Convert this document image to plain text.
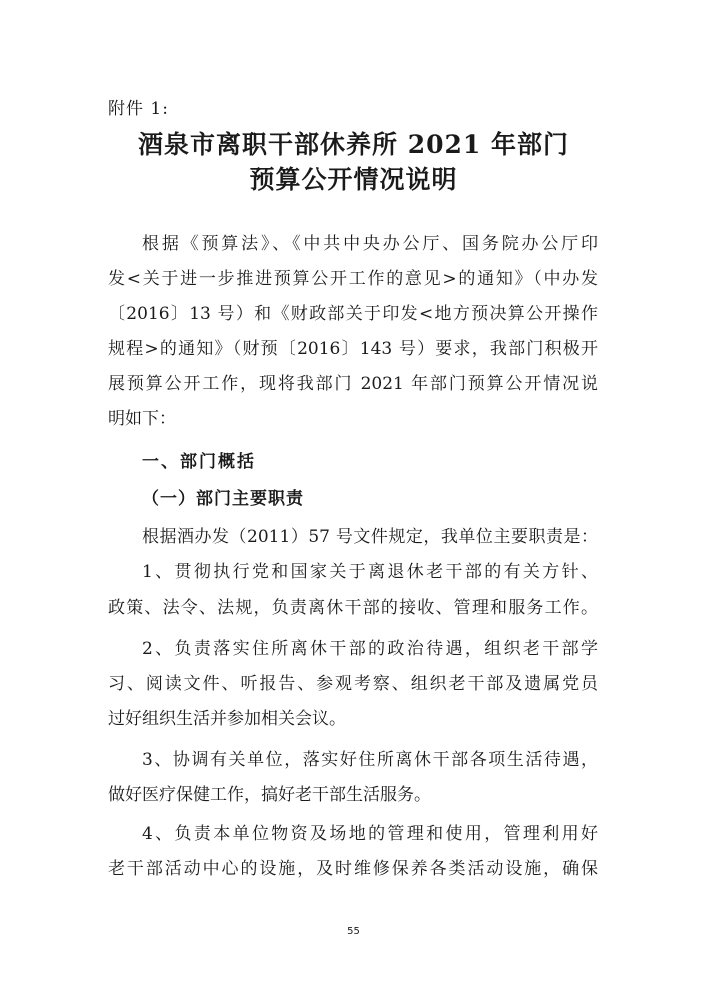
附件 1:
酒泉市离职干部休养所 2021 年部门
预算公开情况说明
根据《预算法》、《中共中央办公厅、国务院办公厅印
发<关于进一步推进预算公开工作的意见>的通知》（中办发
〔2016〕13 号）和《财政部关于印发<地方预决算公开操作
规程>的通知》（财预〔2016〕143 号）要求，我部门积极开
展预算公开工作，现将我部门 2021 年部门预算公开情况说
明如下：
一、部门概括
（一）部门主要职责
根据酒办发（2011）57 号文件规定，我单位主要职责是：
1、贯彻执行党和国家关于离退休老干部的有关方针、
政策、法令、法规，负责离休干部的接收、管理和服务工作。
2、负责落实住所离休干部的政治待遇，组织老干部学
习、阅读文件、听报告、参观考察、组织老干部及遗属党员
过好组织生活并参加相关会议。
3、协调有关单位，落实好住所离休干部各项生活待遇，
做好医疗保健工作，搞好老干部生活服务。
4、负责本单位物资及场地的管理和使用，管理利用好
老干部活动中心的设施，及时维修保养各类活动设施，确保
55
